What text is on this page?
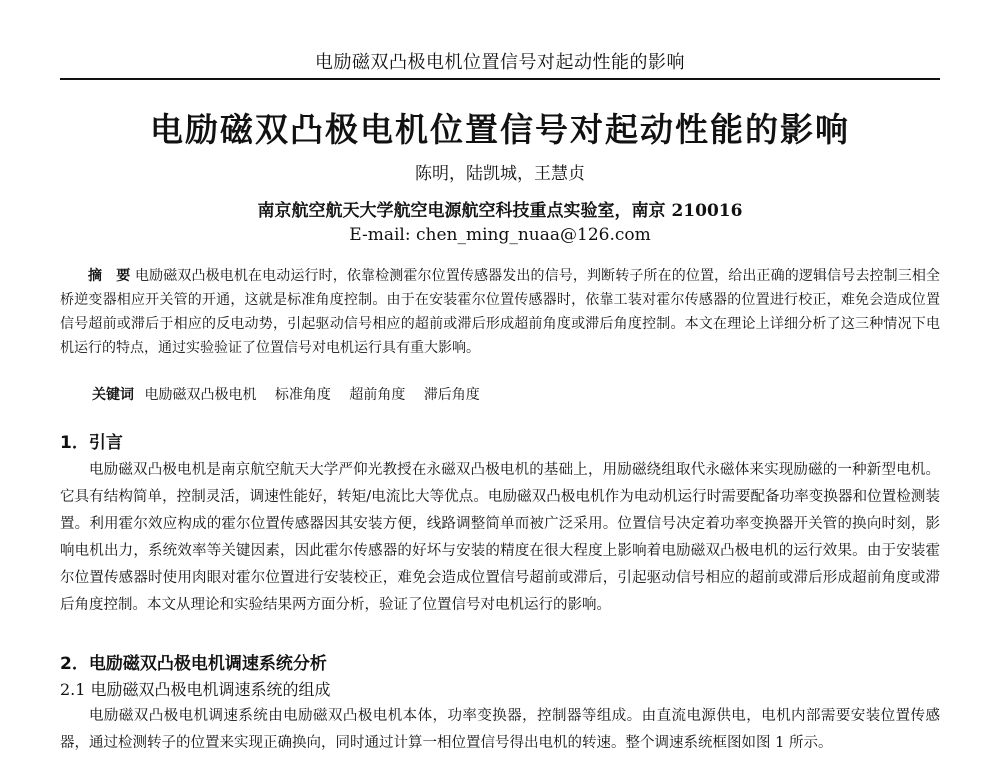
电励磁双凸极电机位置信号对起动性能的影响
电励磁双凸极电机位置信号对起动性能的影响
陈明，陆凯城，王慧贞
南京航空航天大学航空电源航空科技重点实验室，南京 210016
E-mail: chen_ming_nuaa@126.com
摘　要 电励磁双凸极电机在电动运行时，依靠检测霍尔位置传感器发出的信号，判断转子所在的位置，给出正确的逻辑信号去控制三相全桥逆变器相应开关管的开通，这就是标准角度控制。由于在安装霍尔位置传感器时，依靠工装对霍尔传感器的位置进行校正，难免会造成位置信号超前或滞后于相应的反电动势，引起驱动信号相应的超前或滞后形成超前角度或滞后角度控制。本文在理论上详细分析了这三种情况下电机运行的特点，通过实验验证了位置信号对电机运行具有重大影响。
关键词 电励磁双凸极电机 标准角度 超前角度 滞后角度
1．引言
电励磁双凸极电机是南京航空航天大学严仰光教授在永磁双凸极电机的基础上，用励磁绕组取代永磁体来实现励磁的一种新型电机。它具有结构简单，控制灵活，调速性能好，转矩/电流比大等优点。电励磁双凸极电机作为电动机运行时需要配备功率变换器和位置检测装置。利用霍尔效应构成的霍尔位置传感器因其安装方便，线路调整简单而被广泛采用。位置信号决定着功率变换器开关管的换向时刻，影响电机出力，系统效率等关键因素，因此霍尔传感器的好坏与安装的精度在很大程度上影响着电励磁双凸极电机的运行效果。由于安装霍尔位置传感器时使用肉眼对霍尔位置进行安装校正，难免会造成位置信号超前或滞后，引起驱动信号相应的超前或滞后形成超前角度或滞后角度控制。本文从理论和实验结果两方面分析，验证了位置信号对电机运行的影响。
2．电励磁双凸极电机调速系统分析
2.1 电励磁双凸极电机调速系统的组成
电励磁双凸极电机调速系统由电励磁双凸极电机本体，功率变换器，控制器等组成。由直流电源供电，电机内部需要安装位置传感器，通过检测转子的位置来实现正确换向，同时通过计算一相位置信号得出电机的转速。整个调速系统框图如图 1 所示。
